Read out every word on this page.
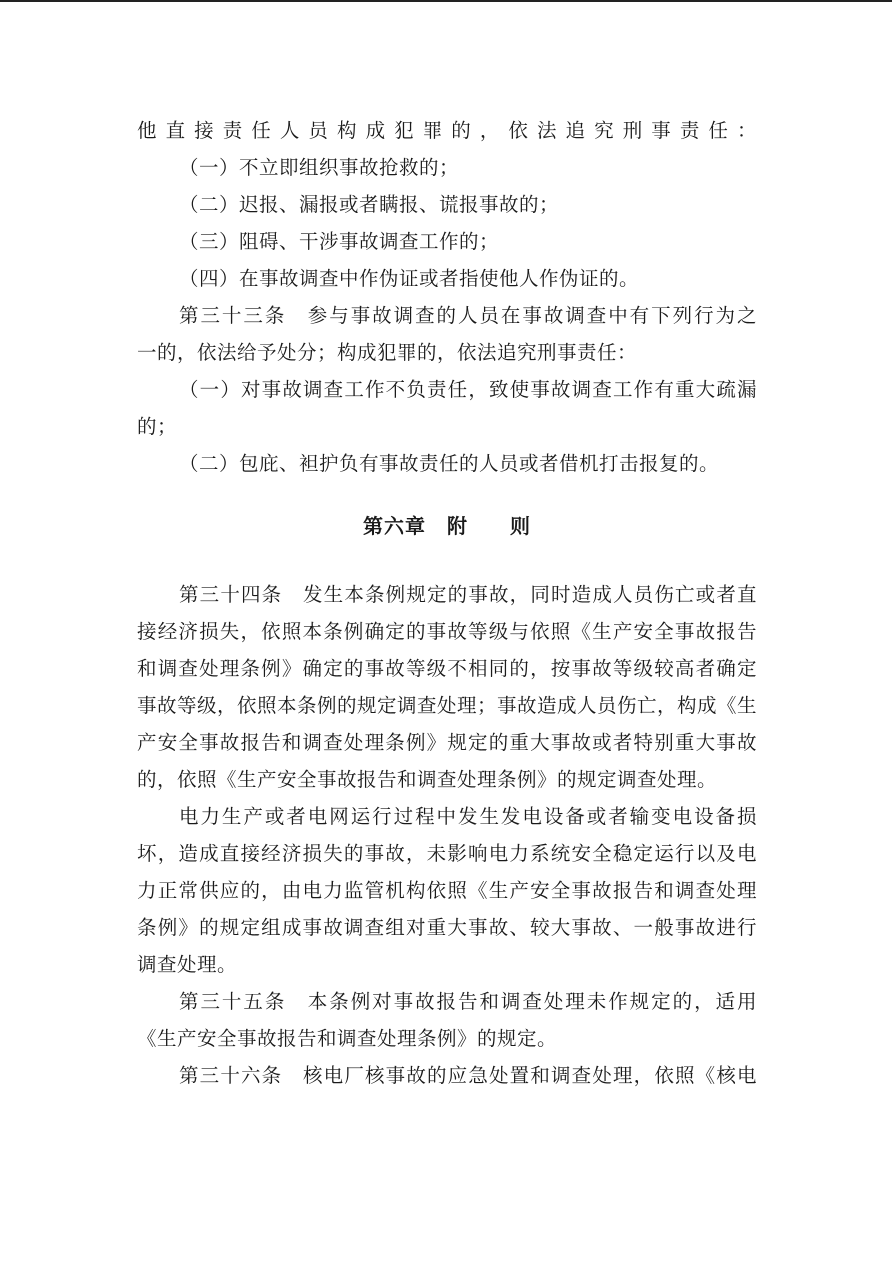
他直接责任人员构成犯罪的，依法追究刑事责任：
（一）不立即组织事故抢救的；
（二）迟报、漏报或者瞒报、谎报事故的；
（三）阻碍、干涉事故调查工作的；
（四）在事故调查中作伪证或者指使他人作伪证的。
第三十三条　参与事故调查的人员在事故调查中有下列行为之
一的，依法给予处分；构成犯罪的，依法追究刑事责任：
（一）对事故调查工作不负责任，致使事故调查工作有重大疏漏
的；
（二）包庇、袒护负有事故责任的人员或者借机打击报复的。
第六章　附　　则
第三十四条　发生本条例规定的事故，同时造成人员伤亡或者直
接经济损失，依照本条例确定的事故等级与依照《生产安全事故报告
和调查处理条例》确定的事故等级不相同的，按事故等级较高者确定
事故等级，依照本条例的规定调查处理；事故造成人员伤亡，构成《生
产安全事故报告和调查处理条例》规定的重大事故或者特别重大事故
的，依照《生产安全事故报告和调查处理条例》的规定调查处理。
电力生产或者电网运行过程中发生发电设备或者输变电设备损
坏，造成直接经济损失的事故，未影响电力系统安全稳定运行以及电
力正常供应的，由电力监管机构依照《生产安全事故报告和调查处理
条例》的规定组成事故调查组对重大事故、较大事故、一般事故进行
调查处理。
第三十五条　本条例对事故报告和调查处理未作规定的，适用
《生产安全事故报告和调查处理条例》的规定。
第三十六条　核电厂核事故的应急处置和调查处理，依照《核电
